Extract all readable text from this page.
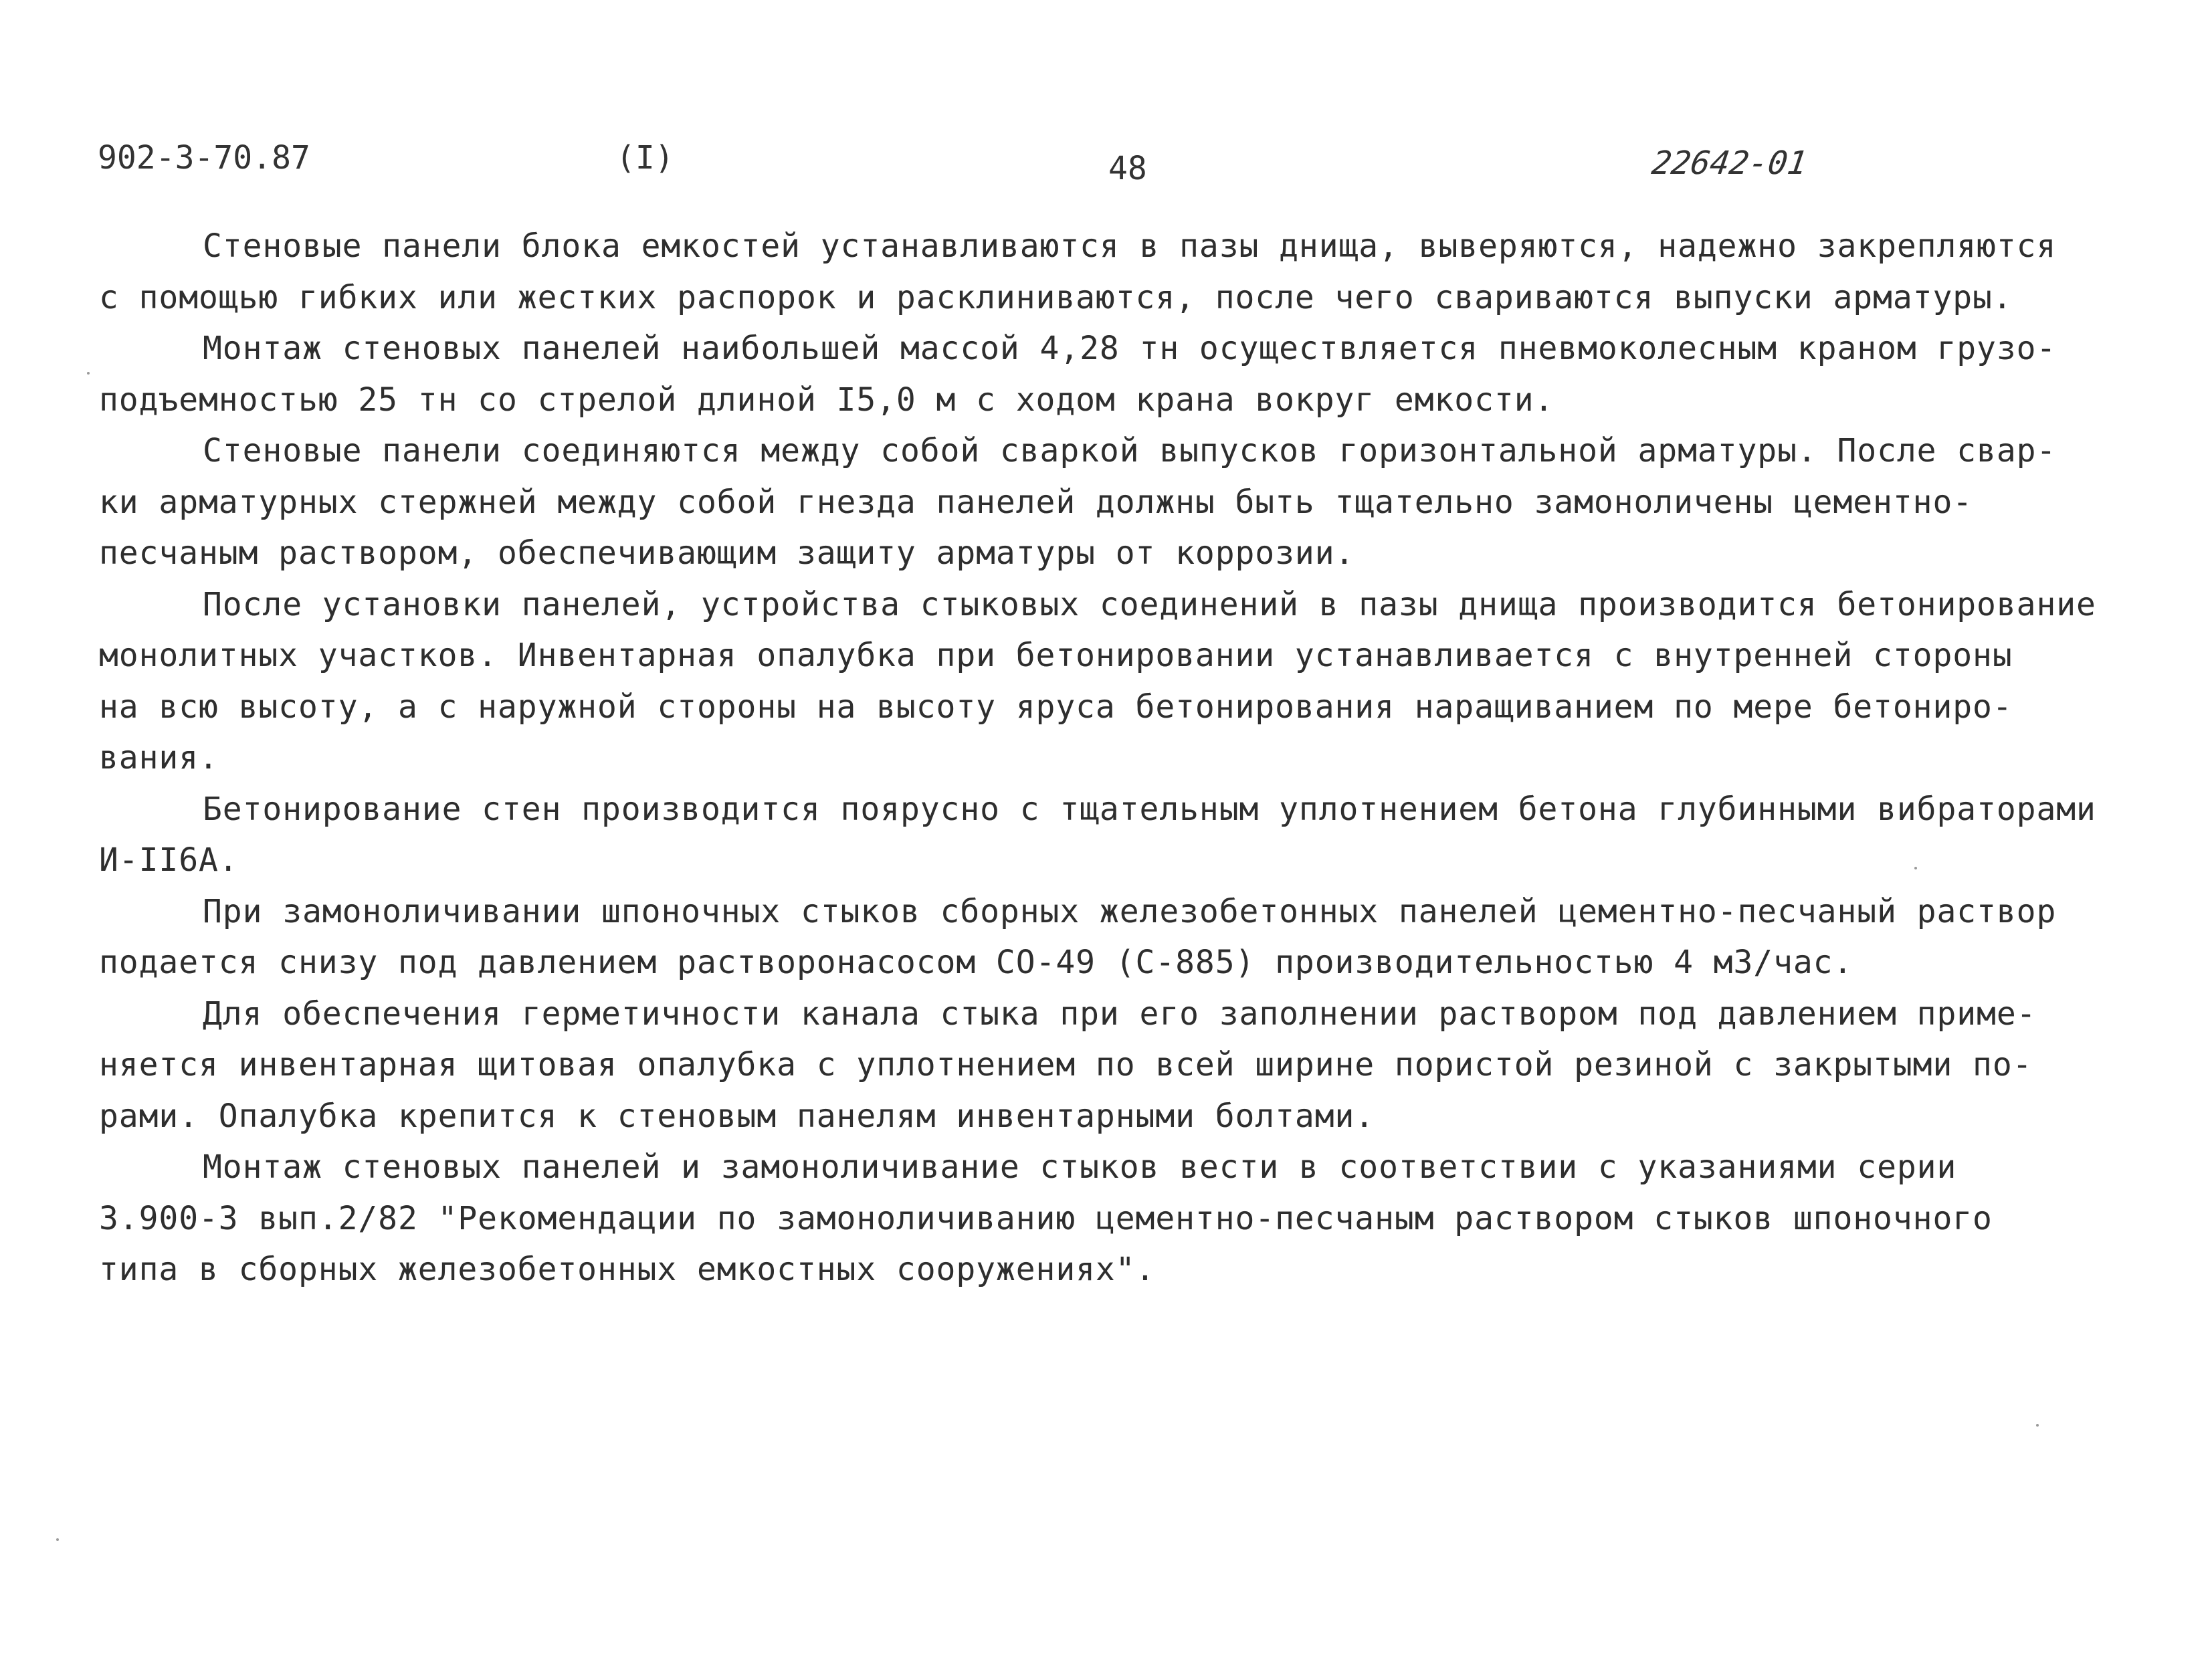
902-3-70.87	(I)	48	22642-01
Стеновые панели блока емкостей устанавливаются в пазы днища, выверяются, надежно закрепляются
с помощью гибких или жестких распорок и расклиниваются, после чего свариваются выпуски арматуры.
Монтаж стеновых панелей наибольшей массой 4,28 тн осуществляется пневмоколесным краном грузо-
подъемностью 25 тн со стрелой длиной I5,0 м с ходом крана вокруг емкости.
Стеновые панели соединяются между собой сваркой выпусков горизонтальной арматуры. После свар-
ки арматурных стержней между собой гнезда панелей должны быть тщательно замоноличены цементно-
песчаным раствором, обеспечивающим защиту арматуры от коррозии.
После установки панелей, устройства стыковых соединений в пазы днища производится бетонирование
монолитных участков. Инвентарная опалубка при бетонировании устанавливается с внутренней стороны
на всю высоту, а с наружной стороны на высоту яруса бетонирования наращиванием по мере бетониро-
вания.
Бетонирование стен производится поярусно с тщательным уплотнением бетона глубинными вибраторами
И-II6А.
При замоноличивании шпоночных стыков сборных железобетонных панелей цементно-песчаный раствор
подается снизу под давлением растворонасосом СО-49 (С-885) производительностью 4 м3/час.
Для обеспечения герметичности канала стыка при его заполнении раствором под давлением приме-
няется инвентарная щитовая опалубка с уплотнением по всей ширине пористой резиной с закрытыми по-
рами. Опалубка крепится к стеновым панелям инвентарными болтами.
Монтаж стеновых панелей и замоноличивание стыков вести в соответствии с указаниями серии
3.900-3 вып.2/82 "Рекомендации по замоноличиванию цементно-песчаным раствором стыков шпоночного
типа в сборных железобетонных емкостных сооружениях".
